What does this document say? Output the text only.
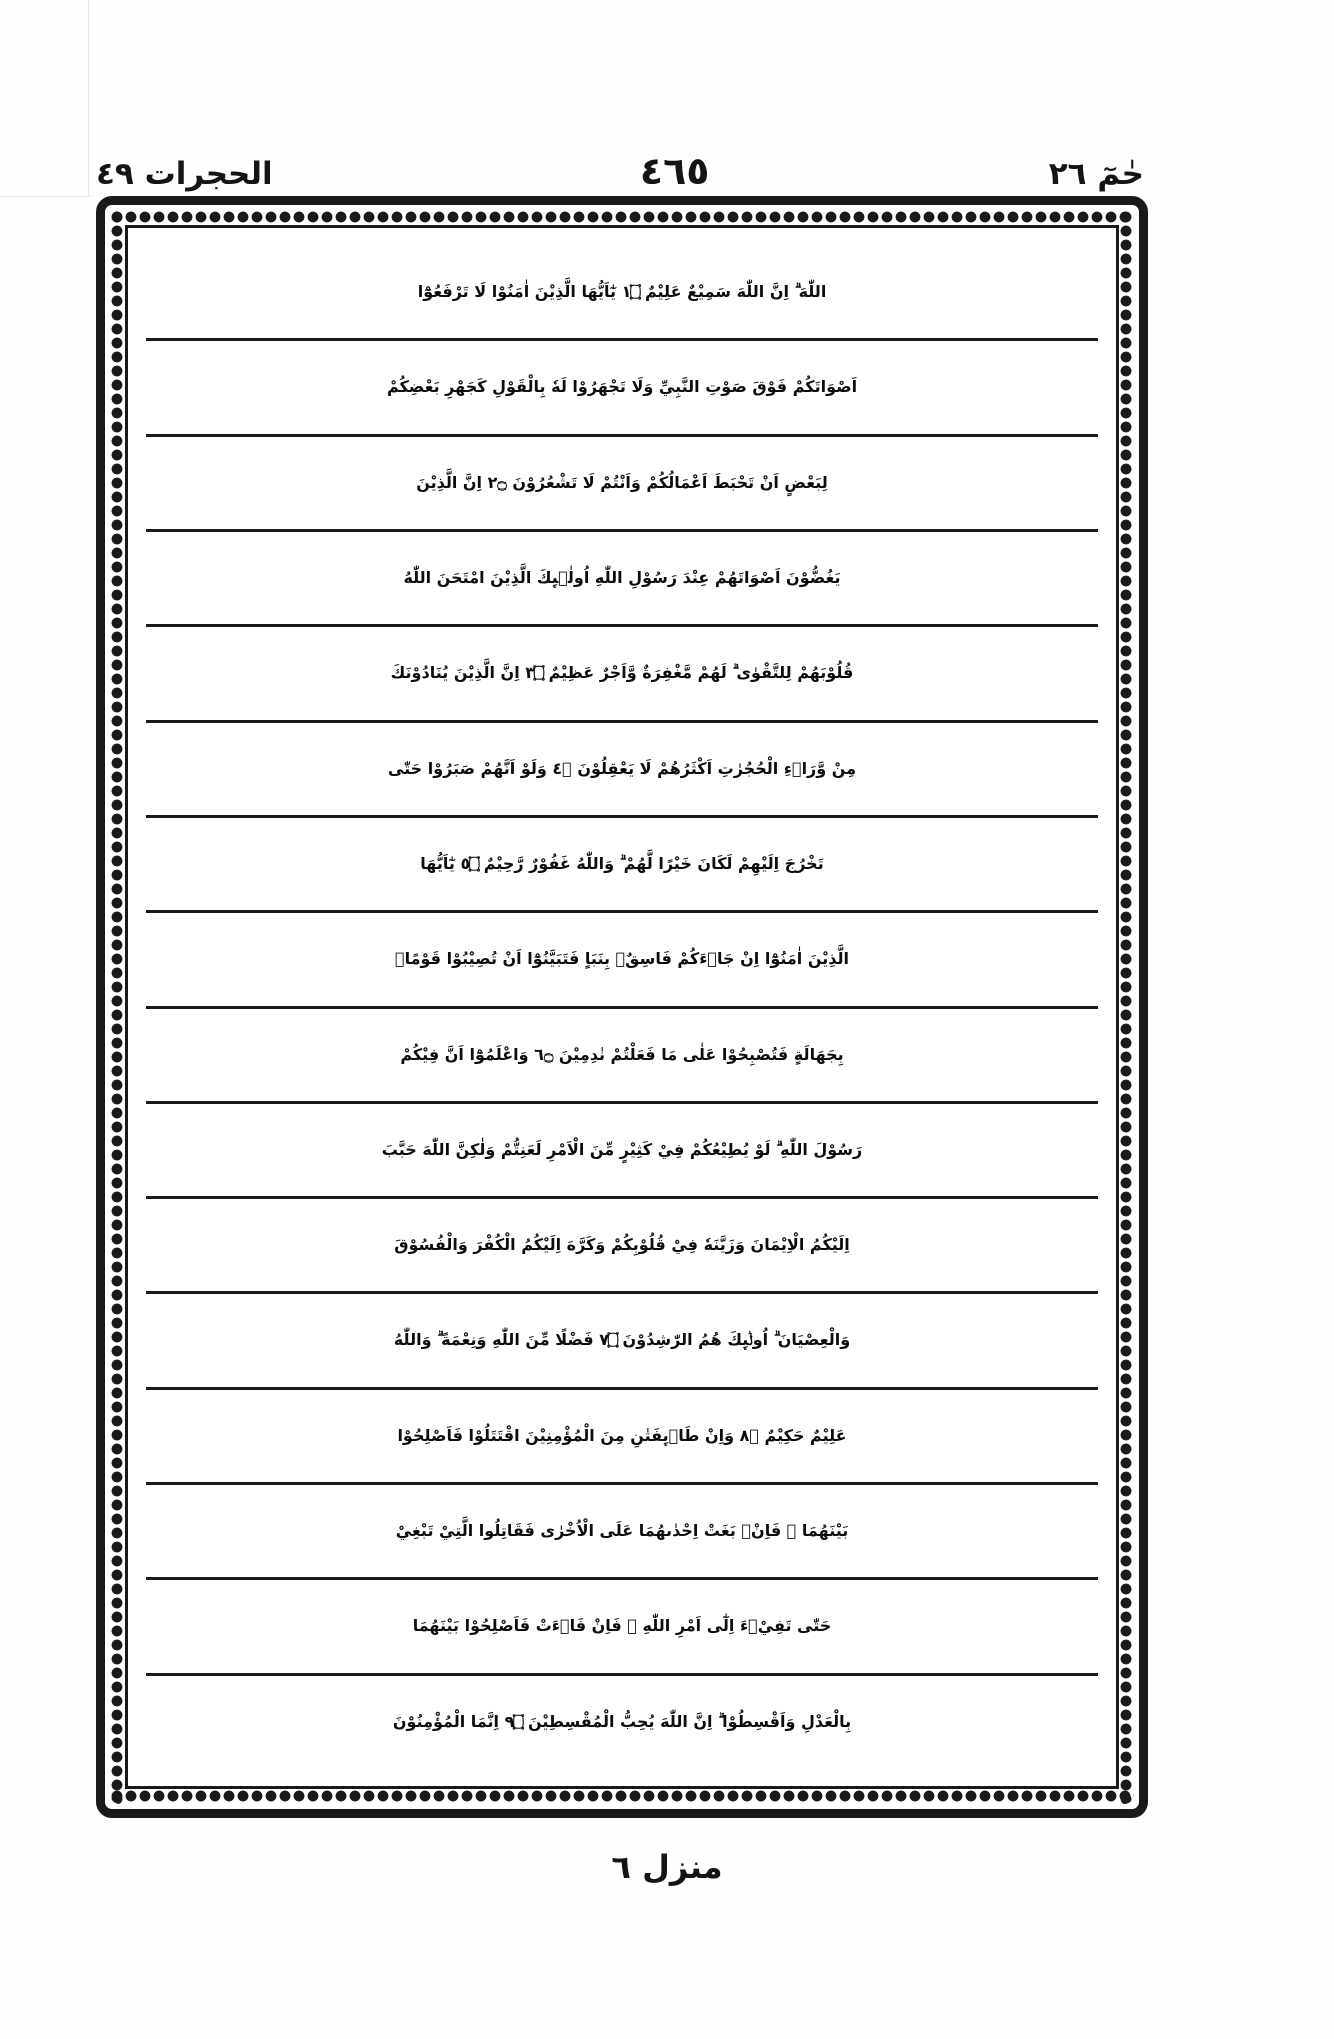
حٰمٓ ٢٦
٤٦٥
الحجرات ٤٩
اللّٰهَ ۗ اِنَّ اللّٰهَ سَمِيْعٌ عَلِيْمٌ ۝١ يٰٓاَيُّهَا الَّذِيْنَ اٰمَنُوْا لَا تَرْفَعُوْٓا
اَصْوَاتَكُمْ فَوْقَ صَوْتِ النَّبِيِّ وَلَا تَجْهَرُوْا لَهٗ بِالْقَوْلِ كَجَهْرِ بَعْضِكُمْ
لِبَعْضٍ اَنْ تَحْبَطَ اَعْمَالُكُمْ وَاَنْتُمْ لَا تَشْعُرُوْنَ ۝٢ اِنَّ الَّذِيْنَ
يَغُضُّوْنَ اَصْوَاتَهُمْ عِنْدَ رَسُوْلِ اللّٰهِ اُولٰۤىِٕكَ الَّذِيْنَ امْتَحَنَ اللّٰهُ
قُلُوْبَهُمْ لِلتَّقْوٰى ۗ لَهُمْ مَّغْفِرَةٌ وَّاَجْرٌ عَظِيْمٌ ۝٣ اِنَّ الَّذِيْنَ يُنَادُوْنَكَ
مِنْ وَّرَاۤءِ الْحُجُرٰتِ اَكْثَرُهُمْ لَا يَعْقِلُوْنَ ۝٤ وَلَوْ اَنَّهُمْ صَبَرُوْا حَتّٰى
تَخْرُجَ اِلَيْهِمْ لَكَانَ خَيْرًا لَّهُمْ ۗ وَاللّٰهُ غَفُوْرٌ رَّحِيْمٌ ۝٥ يٰٓاَيُّهَا
الَّذِيْنَ اٰمَنُوْٓا اِنْ جَاۤءَكُمْ فَاسِقٌۢ بِنَبَاٍ فَتَبَيَّنُوْٓا اَنْ تُصِيْبُوْا قَوْمًاۢ
بِجَهَالَةٍ فَتُصْبِحُوْا عَلٰى مَا فَعَلْتُمْ نٰدِمِيْنَ ۝٦ وَاعْلَمُوْٓا اَنَّ فِيْكُمْ
رَسُوْلَ اللّٰهِ ۗ لَوْ يُطِيْعُكُمْ فِيْ كَثِيْرٍ مِّنَ الْاَمْرِ لَعَنِتُّمْ وَلٰكِنَّ اللّٰهَ حَبَّبَ
اِلَيْكُمُ الْاِيْمَانَ وَزَيَّنَهٗ فِيْ قُلُوْبِكُمْ وَكَرَّهَ اِلَيْكُمُ الْكُفْرَ وَالْفُسُوْقَ
وَالْعِصْيَانَ ۗ اُولٰۤىِٕكَ هُمُ الرّٰشِدُوْنَ ۝٧ فَضْلًا مِّنَ اللّٰهِ وَنِعْمَةً ۗ وَاللّٰهُ
عَلِيْمٌ حَكِيْمٌ ۝٨ وَاِنْ طَاۤىِٕفَتٰنِ مِنَ الْمُؤْمِنِيْنَ اقْتَتَلُوْا فَاَصْلِحُوْا
بَيْنَهُمَا ۚ فَاِنْۢ بَغَتْ اِحْدٰىهُمَا عَلَى الْاُخْرٰى فَقَاتِلُوا الَّتِيْ تَبْغِيْ
حَتّٰى تَفِيْۤءَ اِلٰٓى اَمْرِ اللّٰهِ ۚ فَاِنْ فَاۤءَتْ فَاَصْلِحُوْا بَيْنَهُمَا
بِالْعَدْلِ وَاَقْسِطُوْا ۗ اِنَّ اللّٰهَ يُحِبُّ الْمُقْسِطِيْنَ ۝٩ اِنَّمَا الْمُؤْمِنُوْنَ
منزل ٦
